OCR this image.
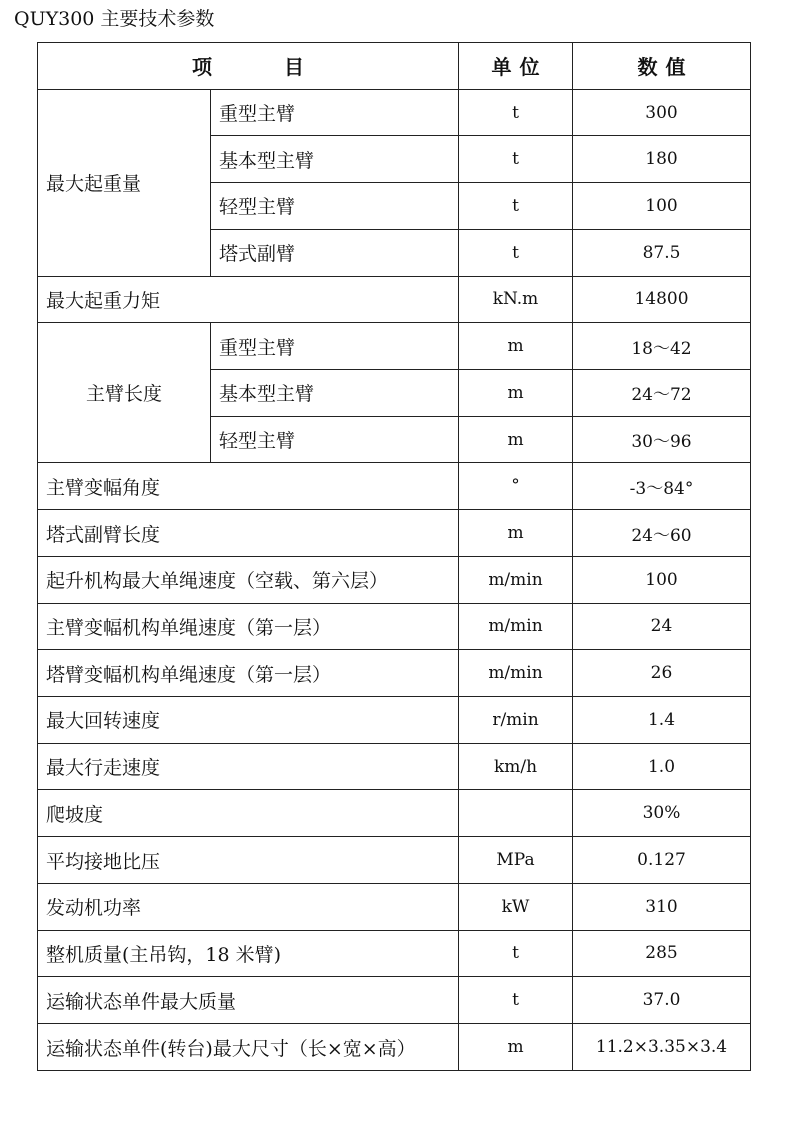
QUY300 主要技术参数
项 目		单 位	数 值
最大起重量	重型主臂	t	300
	基本型主臂	t	180
	轻型主臂	t	100
	塔式副臂	t	87.5
最大起重力矩		kN.m	14800
主臂长度	重型主臂	m	18～42
	基本型主臂	m	24～72
	轻型主臂	m	30～96
主臂变幅角度		°	-3～84°
塔式副臂长度		m	24～60
起升机构最大单绳速度（空载、第六层）		m/min	100
主臂变幅机构单绳速度（第一层）		m/min	24
塔臂变幅机构单绳速度（第一层）		m/min	26
最大回转速度		r/min	1.4
最大行走速度		km/h	1.0
爬坡度			30%
平均接地比压		MPa	0.127
发动机功率		kW	310
整机质量(主吊钩，18 米臂)		t	285
运输状态单件最大质量		t	37.0
运输状态单件(转台)最大尺寸（长×宽×高）		m	11.2×3.35×3.4
